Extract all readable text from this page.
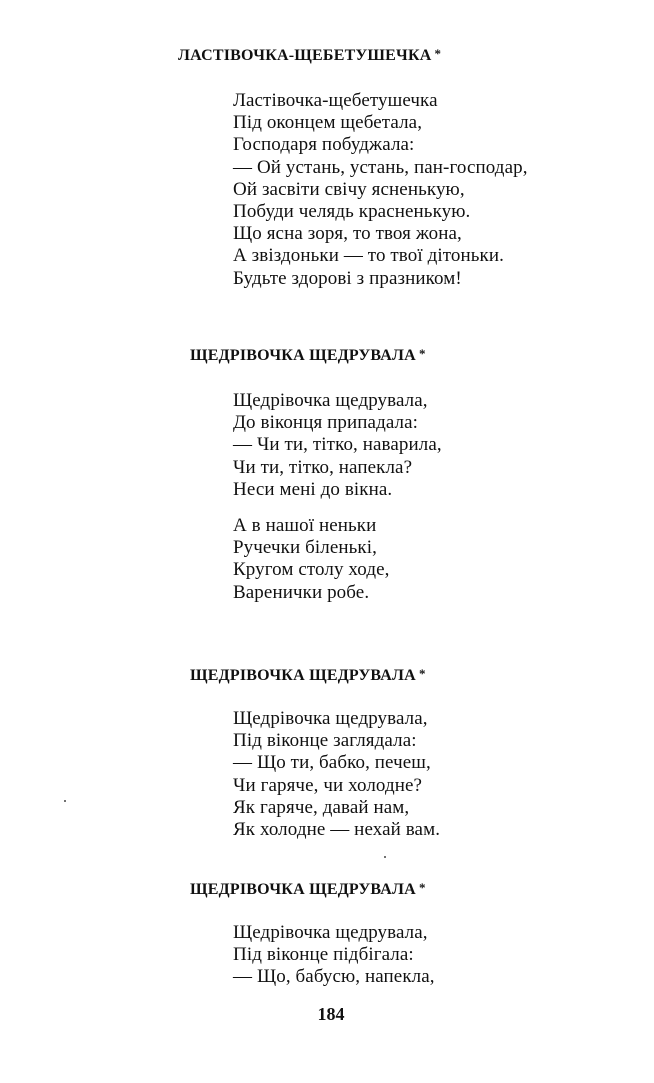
ЛАСТІВОЧКА-ЩЕБЕТУШЕЧКА *
Ластівочка-щебетушечка
Під оконцем щебетала,
Господаря побуджала:
— Ой устань, устань, пан-господар,
Ой засвіти свічу ясненькую,
Побуди челядь красненькую.
Що ясна зоря, то твоя жона,
А звіздоньки — то твої дітоньки.
Будьте здорові з празником!
ЩЕДРІВОЧКА ЩЕДРУВАЛА *
Щедрівочка щедрувала,
До віконця припадала:
— Чи ти, тітко, наварила,
Чи ти, тітко, напекла?
Неси мені до вікна.
А в нашої неньки
Ручечки біленькі,
Кругом столу ходе,
Варенички робе.
ЩЕДРІВОЧКА ЩЕДРУВАЛА *
Щедрівочка щедрувала,
Під віконце заглядала:
— Що ти, бабко, печеш,
Чи гаряче, чи холодне?
Як гаряче, давай нам,
Як холодне — нехай вам.
ЩЕДРІВОЧКА ЩЕДРУВАЛА *
Щедрівочка щедрувала,
Під віконце підбігала:
— Що, бабусю, напекла,
184
